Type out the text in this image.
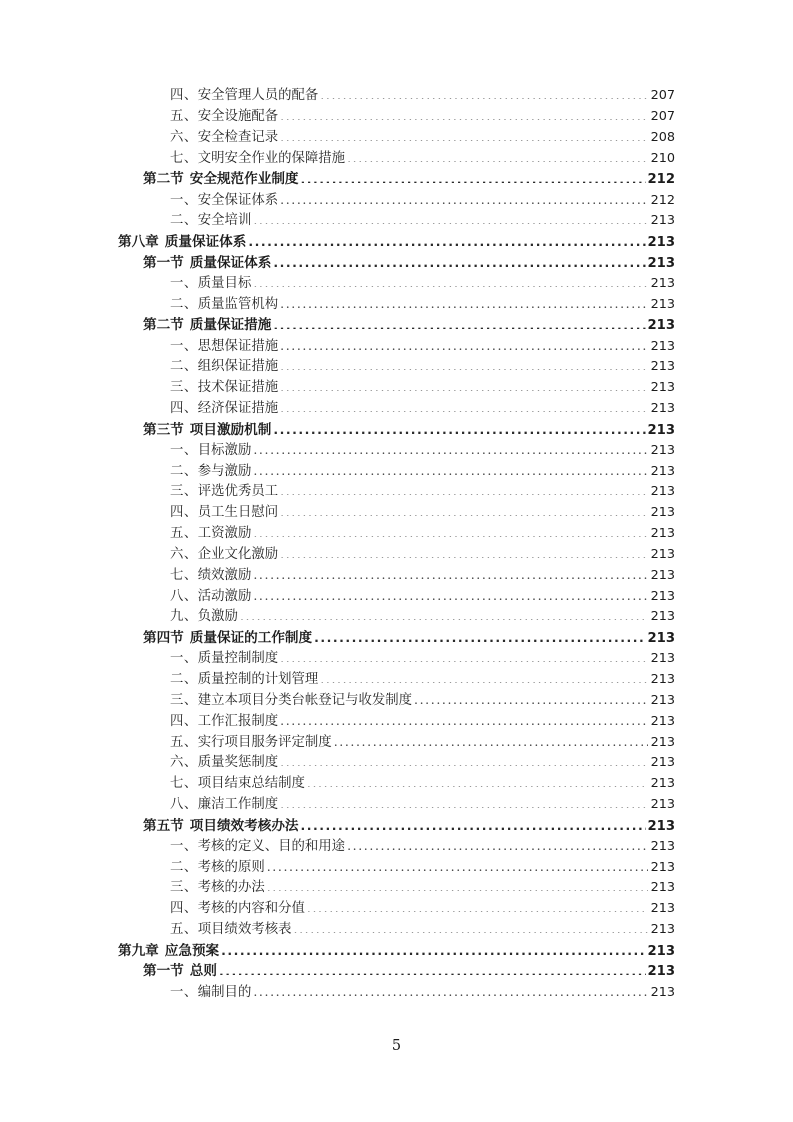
四、安全管理人员的配备 .....	207
五、安全设施配备 .....	207
六、安全检查记录 .....	208
七、文明安全作业的保障措施 .....	210
第二节 安全规范作业制度 .....	212
一、安全保证体系 .....	212
二、安全培训 .....	213
第八章 质量保证体系 .....	213
第一节 质量保证体系 .....	213
一、质量目标 .....	213
二、质量监管机构 .....	213
第二节 质量保证措施 .....	213
一、思想保证措施 .....	213
二、组织保证措施 .....	213
三、技术保证措施 .....	213
四、经济保证措施 .....	213
第三节 项目激励机制 .....	213
一、目标激励 .....	213
二、参与激励 .....	213
三、评选优秀员工 .....	213
四、员工生日慰问 .....	213
五、工资激励 .....	213
六、企业文化激励 .....	213
七、绩效激励 .....	213
八、活动激励 .....	213
九、负激励 .....	213
第四节 质量保证的工作制度 .....	213
一、质量控制制度 .....	213
二、质量控制的计划管理 .....	213
三、建立本项目分类台帐登记与收发制度 .....	213
四、工作汇报制度 .....	213
五、实行项目服务评定制度 .....	213
六、质量奖惩制度 .....	213
七、项目结束总结制度 .....	213
八、廉洁工作制度 .....	213
第五节 项目绩效考核办法 .....	213
一、考核的定义、目的和用途 .....	213
二、考核的原则 .....	213
三、考核的办法 .....	213
四、考核的内容和分值 .....	213
五、项目绩效考核表 .....	213
第九章 应急预案 .....	213
第一节 总则 .....	213
一、编制目的 .....	213
5
